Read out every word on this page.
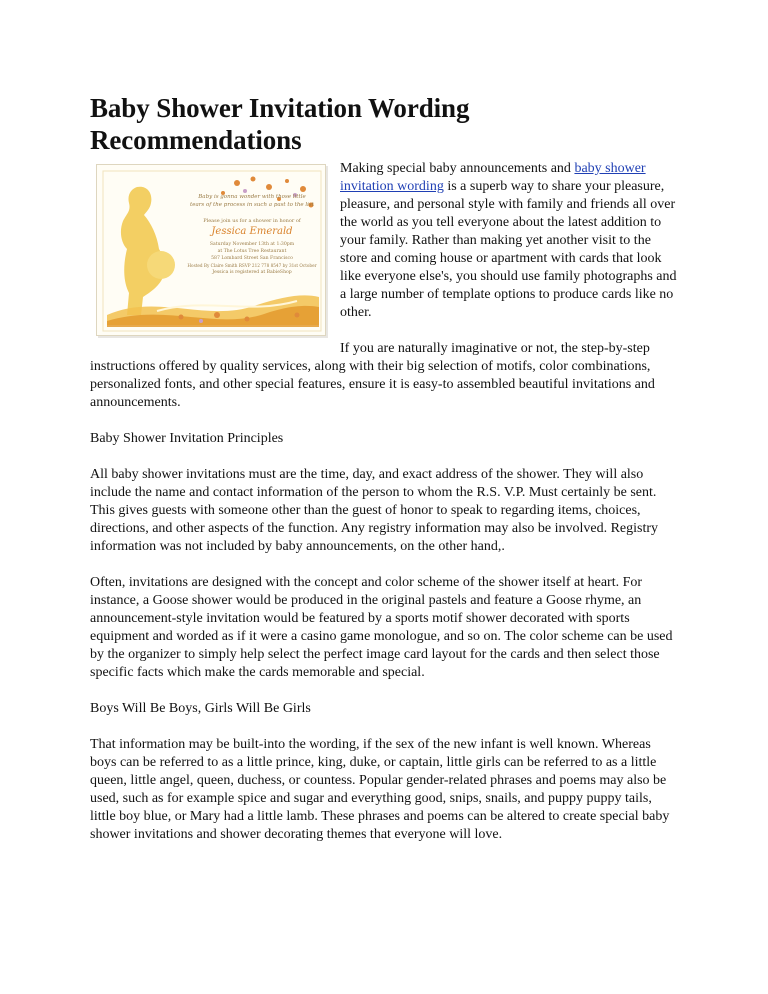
Baby Shower Invitation Wording Recommendations
Baby is gonna wonder with those little
tears of the process in such a past to the list
Please join us for a shower in honor of
Jessica Emerald
Saturday November 13th at 1:30pm
at The Lotus Tree Restaurant
587 Lombard Street San Francisco
Hosted By Claire Smith RSVP 212 778 8547 by 31st October
Jessica is registered at BabieShop

Making special baby announcements and baby shower invitation wording is a superb way to share your pleasure, pleasure, and personal style with family and friends all over the world as you tell everyone about the latest addition to your family. Rather than making yet another visit to the store and coming house or apartment with cards that look like everyone else's, you should use family photographs and a large number of template options to produce cards like no other.

If you are naturally imaginative or not, the step-by-step instructions offered by quality services, along with their big selection of motifs, color combinations, personalized fonts, and other special features, ensure it is easy-to assembled beautiful invitations and announcements.

Baby Shower Invitation Principles

All baby shower invitations must are the time, day, and exact address of the shower. They will also include the name and contact information of the person to whom the R.S. V.P. Must certainly be sent. This gives guests with someone other than the guest of honor to speak to regarding items, choices, directions, and other aspects of the function. Any registry information may also be involved. Registry information was not included by baby announcements, on the other hand,.

Often, invitations are designed with the concept and color scheme of the shower itself at heart. For instance, a Goose shower would be produced in the original pastels and feature a Goose rhyme, an announcement-style invitation would be featured by a sports motif shower decorated with sports equipment and worded as if it were a casino game monologue, and so on. The color scheme can be used by the organizer to simply help select the perfect image card layout for the cards and then select those specific facts which make the cards memorable and special.

Boys Will Be Boys, Girls Will Be Girls

That information may be built-into the wording, if the sex of the new infant is well known. Whereas boys can be referred to as a little prince, king, duke, or captain, little girls can be referred to as a little queen, little angel, queen, duchess, or countess. Popular gender-related phrases and poems may also be used, such as for example spice and sugar and everything good, snips, snails, and puppy puppy tails, little boy blue, or Mary had a little lamb. These phrases and poems can be altered to create special baby shower invitations and shower decorating themes that everyone will love.
